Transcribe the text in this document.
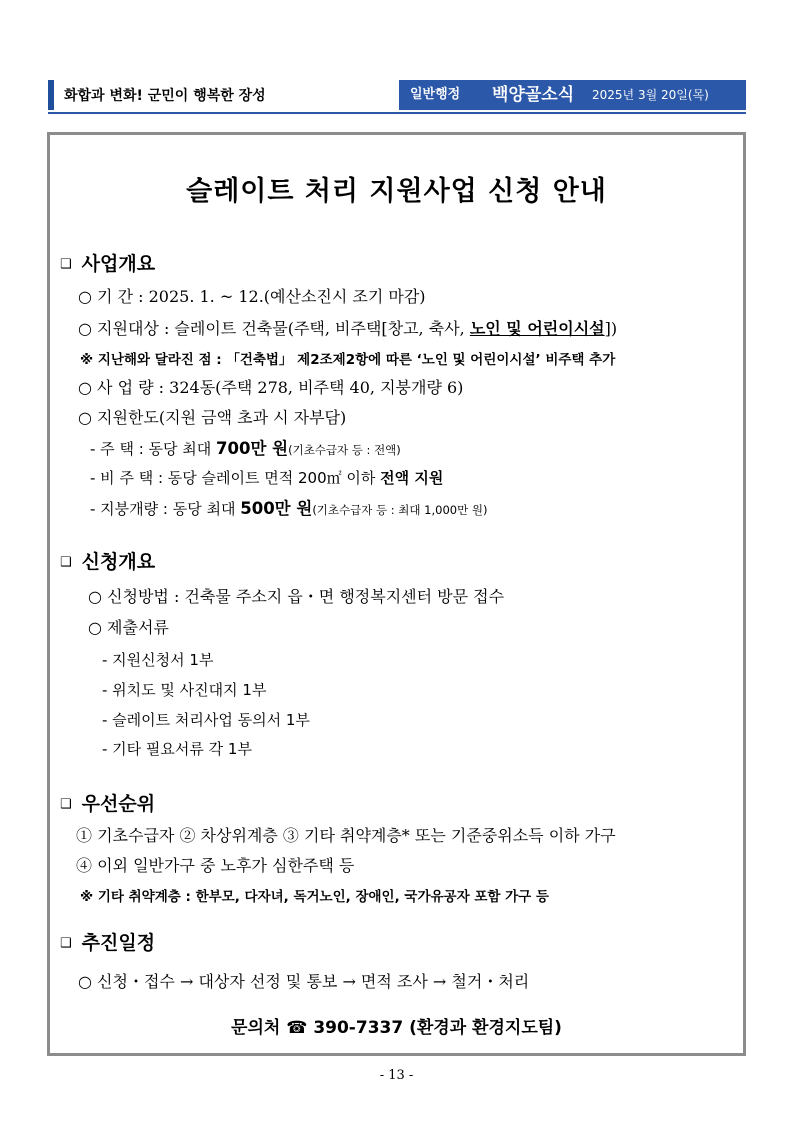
화합과 변화! 군민이 행복한 장성	일반행정 백양골소식 2025년 3월 20일(목)
슬레이트 처리 지원사업 신청 안내
❑ 사업개요
○ 기 간 : 2025. 1. ~ 12.(예산소진시 조기 마감)
○ 지원대상 : 슬레이트 건축물(주택, 비주택[창고, 축사, 노인 및 어린이시설])
※ 지난해와 달라진 점 : 「건축법」 제2조제2항에 따른 ‘노인 및 어린이시설’ 비주택 추가
○ 사 업 량 : 324동(주택 278, 비주택 40, 지붕개량 6)
○ 지원한도(지원 금액 초과 시 자부담)
- 주 택 : 동당 최대 700만 원(기초수급자 등 : 전액)
- 비 주 택 : 동당 슬레이트 면적 200㎡ 이하 전액 지원
- 지붕개량 : 동당 최대 500만 원(기초수급자 등 : 최대 1,000만 원)
❑ 신청개요
○ 신청방법 : 건축물 주소지 읍・면 행정복지센터 방문 접수
○ 제출서류
- 지원신청서 1부
- 위치도 및 사진대지 1부
- 슬레이트 처리사업 동의서 1부
- 기타 필요서류 각 1부
❑ 우선순위
① 기초수급자 ② 차상위계층 ③ 기타 취약계층* 또는 기준중위소득 이하 가구
④ 이외 일반가구 중 노후가 심한주택 등
※ 기타 취약계층 : 한부모, 다자녀, 독거노인, 장애인, 국가유공자 포함 가구 등
❑ 추진일정
○ 신청・접수 → 대상자 선정 및 통보 → 면적 조사 → 철거・처리
문의처 ☎ 390-7337 (환경과 환경지도팀)
- 13 -
